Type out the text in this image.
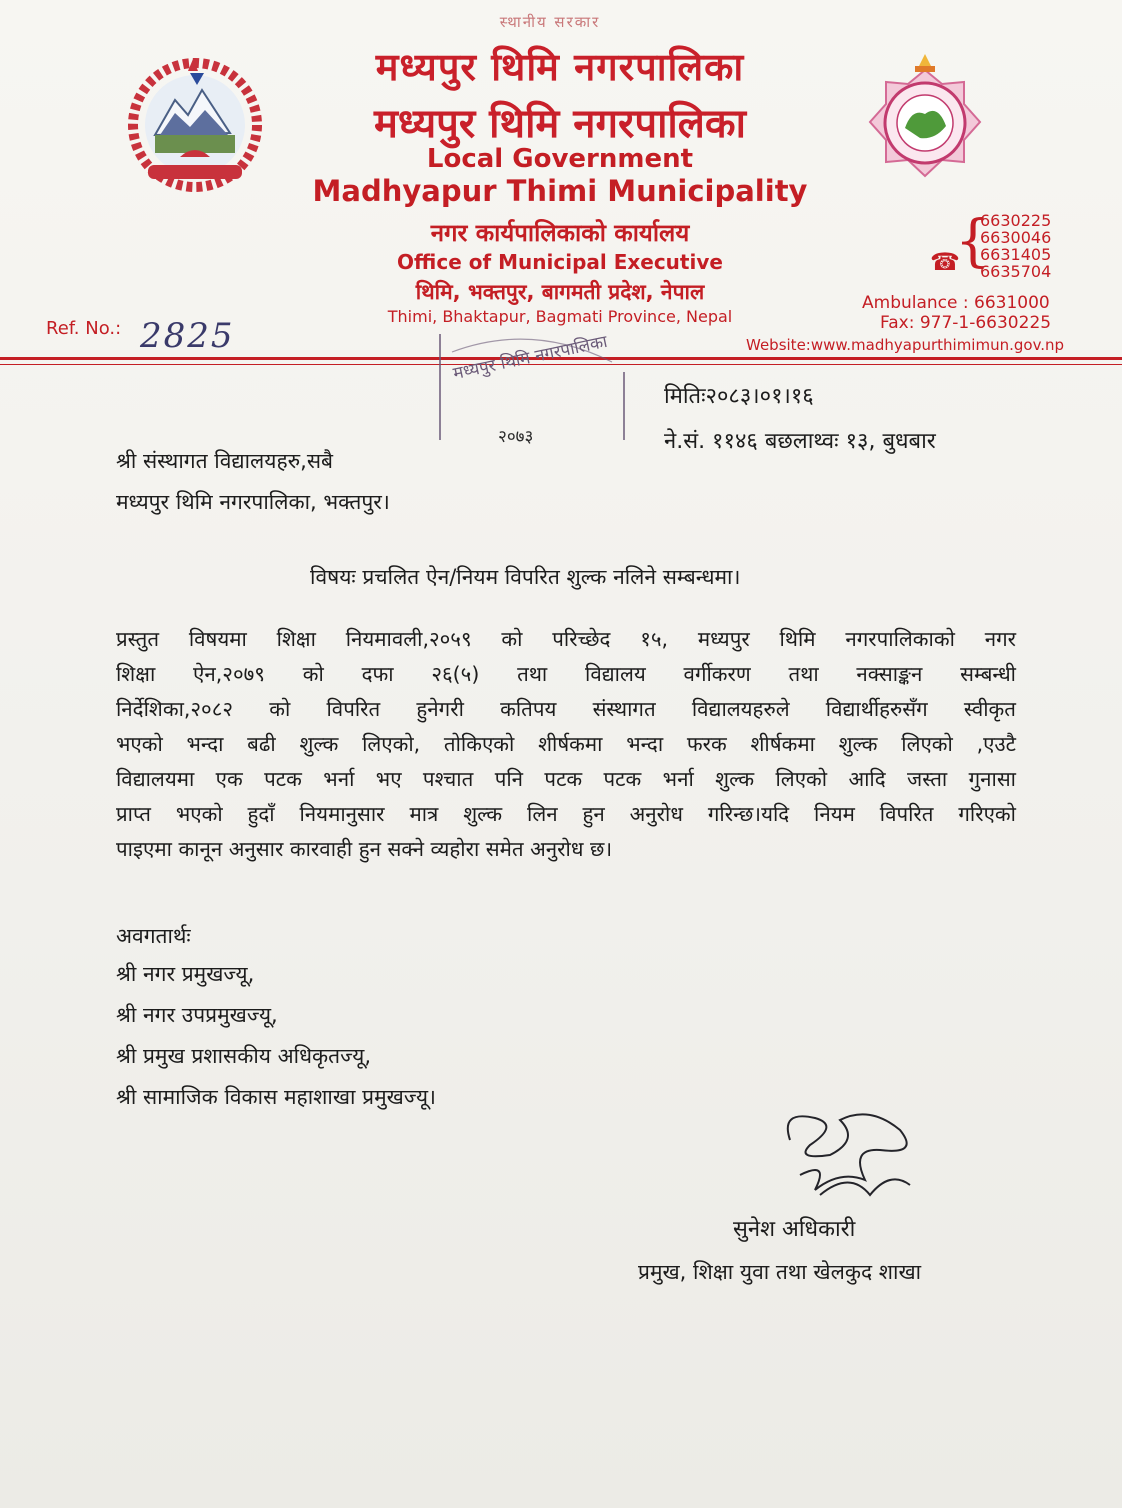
स्थानीय सरकार
मध्यपुर थिमि नगरपालिका
मध्यपुर थिमि नगरपालिका
Local Government
Madhyapur Thimi Municipality
नगर कार्यपालिकाको कार्यालय
Office of Municipal Executive
थिमि, भक्तपुर, बागमती प्रदेश, नेपाल
Thimi, Bhaktapur, Bagmati Province, Nepal
☎
{
6630225
6630046
6631405
6635704
Ambulance : 6631000
Fax: 977-1-6630225
Website:www.madhyapurthimimun.gov.np
Ref. No.: 2825	मध्यपुर थिमि नगरपालिका
२०७३
मितिः२०८३।०१।१६
ने.सं. ११४६ बछलाथ्वः १३, बुधबार
श्री संस्थागत विद्यालयहरु,सबै
मध्यपुर थिमि नगरपालिका, भक्तपुर।
विषयः प्रचलित ऐन/नियम विपरित शुल्क नलिने सम्बन्धमा।
प्रस्तुत विषयमा शिक्षा नियमावली,२०५९ को परिच्छेद १५, मध्यपुर थिमि नगरपालिकाको नगर
शिक्षा ऐन,२०७९ को दफा २६(५) तथा विद्यालय वर्गीकरण तथा नक्साङ्कन सम्बन्धी
निर्देशिका,२०८२ को विपरित हुनेगरी कतिपय संस्थागत विद्यालयहरुले विद्यार्थीहरुसँग स्वीकृत
भएको भन्दा बढी शुल्क लिएको, तोकिएको शीर्षकमा भन्दा फरक शीर्षकमा शुल्क लिएको ,एउटै
विद्यालयमा एक पटक भर्ना भए पश्चात पनि पटक पटक भर्ना शुल्क लिएको आदि जस्ता गुनासा
प्राप्त भएको हुदाँ नियमानुसार मात्र शुल्क लिन हुन अनुरोध गरिन्छ।यदि नियम विपरित गरिएको
पाइएमा कानून अनुसार कारवाही हुन सक्ने व्यहोरा समेत अनुरोध छ।
अवगतार्थः
श्री नगर प्रमुखज्यू,
श्री नगर उपप्रमुखज्यू,
श्री प्रमुख प्रशासकीय अधिकृतज्यू,
श्री सामाजिक विकास महाशाखा प्रमुखज्यू।
सुनेश अधिकारी
प्रमुख, शिक्षा युवा तथा खेलकुद शाखा
